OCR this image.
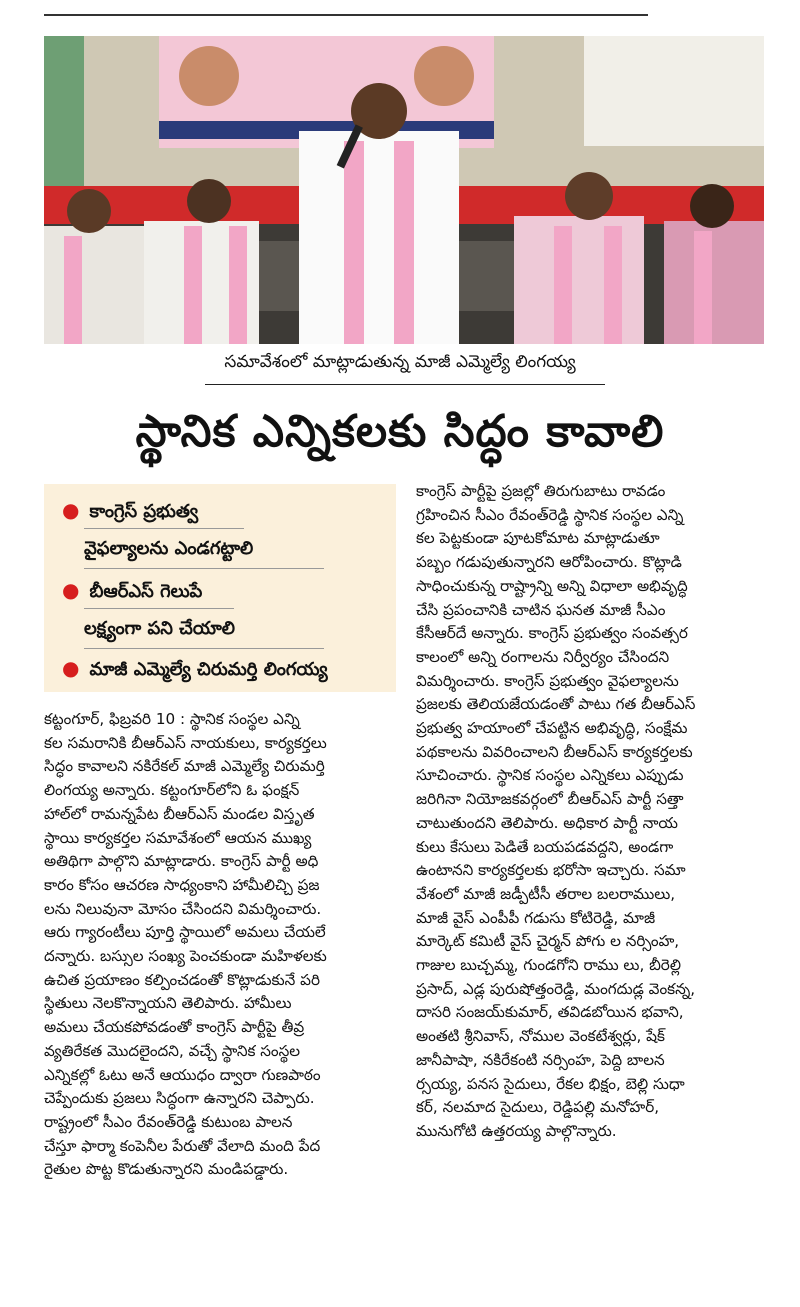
సమావేశంలో మాట్లాడుతున్న మాజీ ఎమ్మెల్యే లింగయ్య
స్థానిక ఎన్నికలకు సిద్ధం కావాలి
● కాంగ్రెస్ ప్రభుత్వ
వైఫల్యాలను ఎండగట్టాలి
● బీఆర్ఎస్ గెలుపే
లక్ష్యంగా పని చేయాలి
● మాజీ ఎమ్మెల్యే చిరుమర్తి లింగయ్య

కాంగ్రెస్ పార్టీపై ప్రజల్లో తిరుగుబాటు రావడం

గ్రహించిన సీఎం రేవంత్‌రెడ్డి స్థానిక సంస్థల ఎన్ని

కల పెట్టకుండా పూటకోమాట మాట్లాడుతూ

పబ్బం గడుపుతున్నారని ఆరోపించారు. కొట్లాడి

సాధించుకున్న రాష్ట్రాన్ని అన్ని విధాలా అభివృద్ధి

చేసి ప్రపంచానికి చాటిన ఘనత మాజీ సీఎం

కేసీఆర్‌దే అన్నారు. కాంగ్రెస్ ప్రభుత్వం సంవత్సర

కాలంలో అన్ని రంగాలను నిర్వీర్యం చేసిందని

విమర్శించారు. కాంగ్రెస్ ప్రభుత్వం వైఫల్యాలను

ప్రజలకు తెలియజేయడంతో పాటు గత బీఆర్ఎస్

ప్రభుత్వ హయాంలో చేపట్టిన అభివృద్ధి, సంక్షేమ

పథకాలను వివరించాలని బీఆర్ఎస్ కార్యకర్తలకు

సూచించారు. స్థానిక సంస్థల ఎన్నికలు ఎప్పుడు

జరిగినా నియోజకవర్గంలో బీఆర్ఎస్ పార్టీ సత్తా

చాటుతుందని తెలిపారు. అధికార పార్టీ నాయ

కులు కేసులు పెడితే బయపడవద్దని, అండగా

ఉంటానని కార్యకర్తలకు భరోసా ఇచ్చారు. సమా

వేశంలో మాజీ జడ్పీటీసీ తరాల బలరాములు,

మాజీ వైస్ ఎంపీపీ గడుసు కోటిరెడ్డి, మాజీ

మార్కెట్ కమిటీ వైస్ చైర్మన్ పోగు ల నర్సింహ,

గాజుల బుచ్చమ్మ, గుండగోని రాము లు, బీరెల్లి

ప్రసాద్, ఎడ్ల పురుషోత్తంరెడ్డి, మంగదుడ్ల వెంకన్న,

దాసరి సంజయ్‌కుమార్, తవిడబోయిన భవాని,

అంతటి శ్రీనివాస్, నోముల వెంకటేశ్వర్లు, షేక్

జానీపాషా, నకిరేకంటి నర్సింహ, పెద్ది బాలన

ర్సయ్య, పనస సైదులు, రేకల భిక్షం, బెల్లి సుధా

కర్, నలమాద సైదులు, రెడ్డిపల్లి మనోహర్,

మునుగోటి ఉత్తరయ్య పాల్గొన్నారు.

కట్టంగూర్, ఫిబ్రవరి 10 : స్థానిక సంస్థల ఎన్ని

కల సమరానికి బీఆర్ఎస్ నాయకులు, కార్యకర్తలు

సిద్ధం కావాలని నకిరేకల్ మాజీ ఎమ్మెల్యే చిరుమర్తి

లింగయ్య అన్నారు. కట్టంగూర్‌లోని ఓ ఫంక్షన్

హాల్‌లో రామన్నపేట బీఆర్ఎస్ మండల విస్తృత

స్థాయి కార్యకర్తల సమావేశంలో ఆయన ముఖ్య

అతిథిగా పాల్గొని మాట్లాడారు. కాంగ్రెస్ పార్టీ అధి

కారం కోసం ఆచరణ సాధ్యంకాని హామీలిచ్చి ప్రజ

లను నిలువునా మోసం చేసిందని విమర్శించారు.

ఆరు గ్యారంటీలు పూర్తి స్థాయిలో అమలు చేయలే

దన్నారు. బస్సుల సంఖ్య పెంచకుండా మహిళలకు

ఉచిత ప్రయాణం కల్పించడంతో కొట్లాడుకునే పరి

స్థితులు నెలకొన్నాయని తెలిపారు. హామీలు

అమలు చేయకపోవడంతో కాంగ్రెస్ పార్టీపై తీవ్ర

వ్యతిరేకత మొదలైందని, వచ్చే స్థానిక సంస్థల

ఎన్నికల్లో ఓటు అనే ఆయుధం ద్వారా గుణపాఠం

చెప్పేందుకు ప్రజలు సిద్ధంగా ఉన్నారని చెప్పారు.

రాష్ట్రంలో సీఎం రేవంత్‌రెడ్డి కుటుంబ పాలన

చేస్తూ ఫార్మా కంపెనీల పేరుతో వేలాది మంది పేద

రైతుల పొట్ట కొడుతున్నారని మండిపడ్డారు.
